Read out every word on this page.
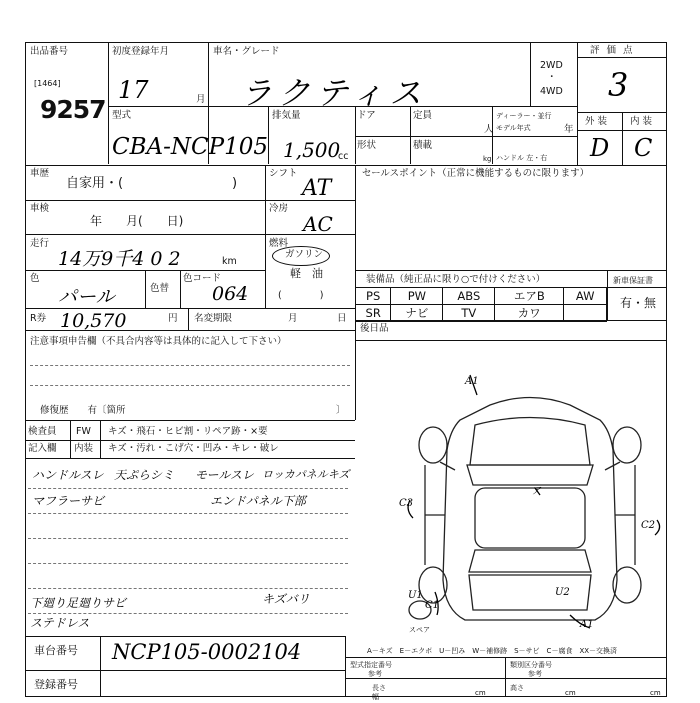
出品番号
[1464]
9257
初度登録年月
17	月
車名・グレード
ラクティス
2WD
・
4WD
型式
CBA-NCP105
排気量
1,500
cc
ドア	定員
人
ディーラー・並行
モデル年式	年
形状	積載
kg ハンドル 左・右
評 価 点
3
外 装 内 装
D C
車歴
自家用・(	)
車検
年　　月(　　日)
走行
14万9千4 0 2	km
色
パール	色替
色コード
064
シフト
AT
冷房
AC
燃料
ガソリン
軽　油
(　　　　)
R券 10,570	円 名変期限	月	日
セールスポイント（正常に機能するものに限ります）
装備品（純正品に限り○で付けください）	新車保証書
有・無
PS	PW	ABS	エアB	AW
SR	ナビ	TV	カワ	
後日品
注意事項申告欄（不具合内容等は具体的に記入して下さい）
修復歴　　有〔箇所	〕
検査員
記入欄
FW キズ・飛石・ヒビ割・リペア跡・×要
内装 キズ・汚れ・こげ穴・凹み・キレ・破レ
ハンドルスレ 天ぷらシミ モールスレ ロッカパネルキズ
マフラーサビ	エンドパネル下部
下廻り足廻りサビ	キズバリ
ステドレス
A1
C3
C2
U2
A1
C1
U1
ア
スペア
A－キズ　E－エクボ　U－凹み　W－補修跡　S－サビ　C－腐食　XX－交換済
車台番号 NCP105-0002104
登録番号
型式指定番号
参考
類別区分番号
参考
長さ
幅	cm
高さ
cm	cm
